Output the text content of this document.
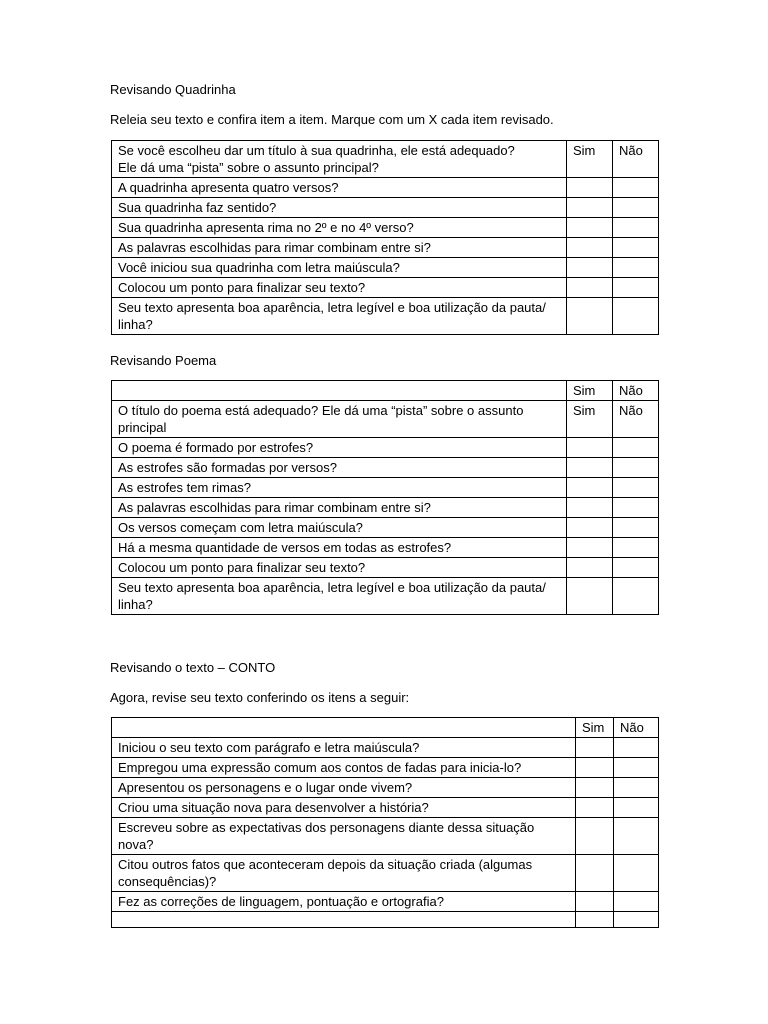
Revisando Quadrinha
Releia seu texto e confira item a item. Marque com um X cada item revisado.
Se você escolheu dar um título à sua quadrinha, ele está adequado?
Ele dá uma “pista” sobre o assunto principal?	Sim	Não
A quadrinha apresenta quatro versos?		
Sua quadrinha faz sentido?		
Sua quadrinha apresenta rima no 2º e no 4º verso?		
As palavras escolhidas para rimar combinam entre si?		
Você iniciou sua quadrinha com letra maiúscula?		
Colocou um ponto para finalizar seu texto?		
Seu texto apresenta boa aparência, letra legível e boa utilização da pauta/ linha?		
Revisando Poema
	Sim	Não
O título do poema está adequado? Ele dá uma “pista” sobre o assunto principal	Sim	Não
O poema é formado por estrofes?		
As estrofes são formadas por versos?		
As estrofes tem rimas?		
As palavras escolhidas para rimar combinam entre si?		
Os versos começam com letra maiúscula?		
Há a mesma quantidade de versos em todas as estrofes?		
Colocou um ponto para finalizar seu texto?		
Seu texto apresenta boa aparência, letra legível e boa utilização da pauta/ linha?		
Revisando o texto – CONTO
Agora, revise seu texto conferindo os itens a seguir:
	Sim	Não
Iniciou o seu texto com parágrafo e letra maiúscula?		
Empregou uma expressão comum aos contos de fadas para inicia-lo?		
Apresentou os personagens e o lugar onde vivem?		
Criou uma situação nova para desenvolver a história?		
Escreveu sobre as expectativas dos personagens diante dessa situação nova?		
Citou outros fatos que aconteceram depois da situação criada (algumas consequências)?		
Fez as correções de linguagem, pontuação e ortografia?		
